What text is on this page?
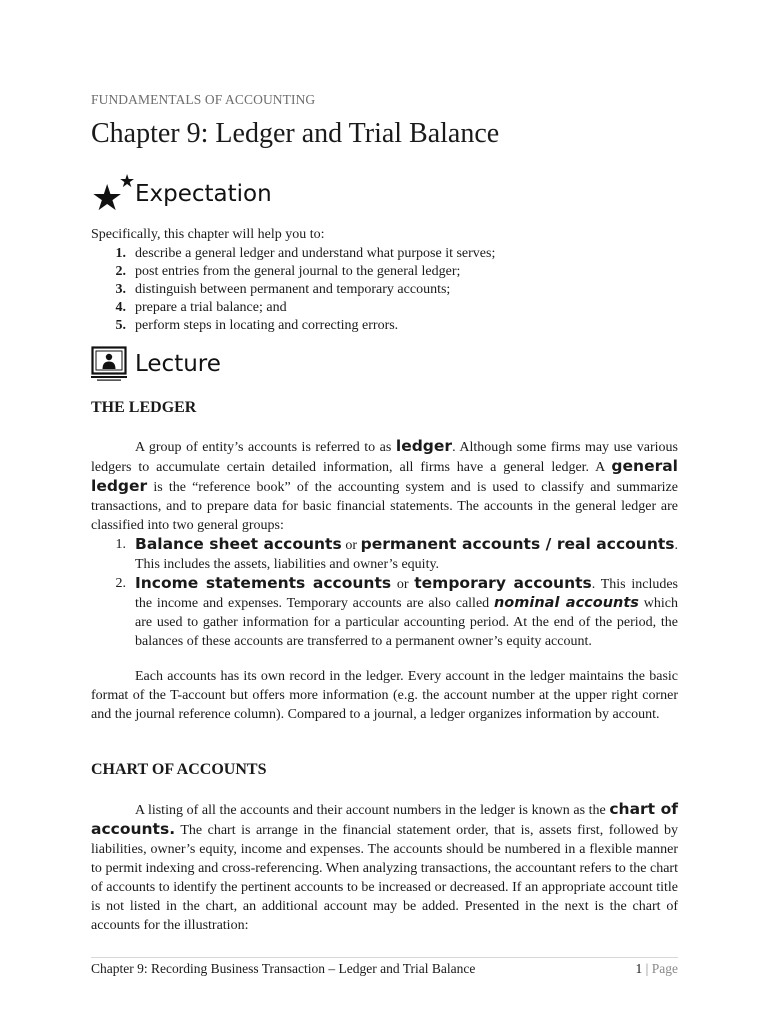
FUNDAMENTALS OF ACCOUNTING
Chapter 9: Ledger and Trial Balance
★
★ Expectation
Specifically, this chapter will help you to:
1. describe a general ledger and understand what purpose it serves;
2. post entries from the general journal to the general ledger;
3. distinguish between permanent and temporary accounts;
4. prepare a trial balance; and
5. perform steps in locating and correcting errors.
Lecture
THE LEDGER

A group of entity’s accounts is referred to as ledger. Although some firms may use various ledgers to accumulate certain detailed information, all firms have a general ledger. A general ledger is the “reference book” of the accounting system and is used to classify and summarize transactions, and to prepare data for basic financial statements. The accounts in the general ledger are classified into two general groups:

1. Balance sheet accounts or permanent accounts / real accounts. This includes the assets, liabilities and owner’s equity.
2. Income statements accounts or temporary accounts. This includes the income and expenses. Temporary accounts are also called nominal accounts which are used to gather information for a particular accounting period. At the end of the period, the balances of these accounts are transferred to a permanent owner’s equity account.

Each accounts has its own record in the ledger. Every account in the ledger maintains the basic format of the T-account but offers more information (e.g. the account number at the upper right corner and the journal reference column). Compared to a journal, a ledger organizes information by account.

CHART OF ACCOUNTS

A listing of all the accounts and their account numbers in the ledger is known as the chart of accounts. The chart is arrange in the financial statement order, that is, assets first, followed by liabilities, owner’s equity, income and expenses. The accounts should be numbered in a flexible manner to permit indexing and cross-referencing. When analyzing transactions, the accountant refers to the chart of accounts to identify the pertinent accounts to be increased or decreased. If an appropriate account title is not listed in the chart, an additional account may be added. Presented in the next is the chart of accounts for the illustration:

Chapter 9: Recording Business Transaction – Ledger and Trial Balance	1 | Page
